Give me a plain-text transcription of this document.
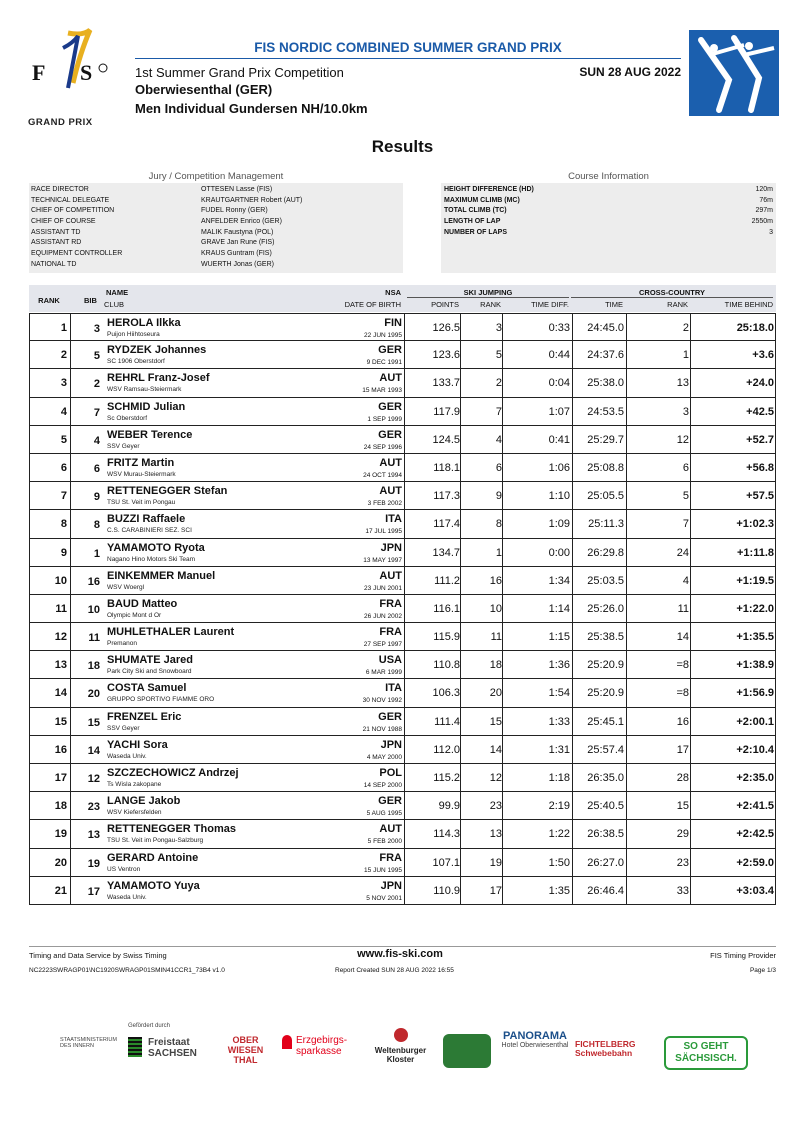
F S
GRAND PRIX
FIS NORDIC COMBINED SUMMER GRAND PRIX
1st Summer Grand Prix Competition
Oberwiesenthal (GER)
Men Individual Gundersen NH/10.0km
SUN 28 AUG 2022
Results
Jury / Competition Management
RACE DIRECTOR	OTTESEN Lasse (FIS)
TECHNICAL DELEGATE	KRAUTGARTNER Robert (AUT)
CHIEF OF COMPETITION	FUDEL Ronny (GER)
CHIEF OF COURSE	ANFELDER Enrico (GER)
ASSISTANT TD	MALIK Faustyna (POL)
ASSISTANT RD	GRAVE Jan Rune (FIS)
EQUIPMENT CONTROLLER	KRAUS Guntram (FIS)
NATIONAL TD	WUERTH Jonas (GER)
Course Information
HEIGHT DIFFERENCE (HD)	120m
MAXIMUM CLIMB (MC)	76m
TOTAL CLIMB (TC)	297m
LENGTH OF LAP	2550m
NUMBER OF LAPS	3
RANK	BIB
NAME
CLUB
NSA
DATE OF BIRTH
SKI JUMPING
POINTS	RANK	TIME DIFF.
CROSS-COUNTRY
TIME	RANK	TIME BEHIND
1	3 HEROLA Ilkka
Puijon Hiihtoseura
FIN
22 JUN 1995
126.5	3	0:33	24:45.0	2	25:18.0
2	5 RYDZEK Johannes
SC 1906 Oberstdorf
GER
9 DEC 1991
123.6	5	0:44	24:37.6	1	+3.6
3	2 REHRL Franz-Josef
WSV Ramsau-Steiermark
AUT
15 MAR 1993
133.7	2	0:04	25:38.0	13	+24.0
4	7 SCHMID Julian
Sc Oberstdorf
GER
1 SEP 1999
117.9	7	1:07	24:53.5	3	+42.5
5	4 WEBER Terence
SSV Geyer
GER
24 SEP 1996
124.5	4	0:41	25:29.7	12	+52.7
6	6 FRITZ Martin
WSV Murau-Steiermark
AUT
24 OCT 1994
118.1	6	1:06	25:08.8	6	+56.8
7	9 RETTENEGGER Stefan
TSU St. Veit im Pongau
AUT
3 FEB 2002
117.3	9	1:10	25:05.5	5	+57.5
8	8 BUZZI Raffaele
C.S. CARABINIERI SEZ. SCI
ITA
17 JUL 1995
117.4	8	1:09	25:11.3	7	+1:02.3
9	1 YAMAMOTO Ryota
Nagano Hino Motors Ski Team
JPN
13 MAY 1997
134.7	1	0:00	26:29.8	24	+1:11.8
10	16 EINKEMMER Manuel
WSV Woergl
AUT
23 JUN 2001
111.2	16	1:34	25:03.5	4	+1:19.5
11	10 BAUD Matteo
Olympic Mont d Or
FRA
26 JUN 2002
116.1	10	1:14	25:26.0	11	+1:22.0
12	11 MUHLETHALER Laurent
Premanon
FRA
27 SEP 1997
115.9	11	1:15	25:38.5	14	+1:35.5
13	18 SHUMATE Jared
Park City Ski and Snowboard
USA
6 MAR 1999
110.8	18	1:36	25:20.9	=8	+1:38.9
14	20 COSTA Samuel
GRUPPO SPORTIVO FIAMME ORO
ITA
30 NOV 1992
106.3	20	1:54	25:20.9	=8	+1:56.9
15	15 FRENZEL Eric
SSV Geyer
GER
21 NOV 1988
111.4	15	1:33	25:45.1	16	+2:00.1
16	14 YACHI Sora
Waseda Univ.
JPN
4 MAY 2000
112.0	14	1:31	25:57.4	17	+2:10.4
17	12 SZCZECHOWICZ Andrzej
Ts Wisla zakopane
POL
14 SEP 2000
115.2	12	1:18	26:35.0	28	+2:35.0
18	23 LANGE Jakob
WSV Kiefersfelden
GER
5 AUG 1995
99.9	23	2:19	25:40.5	15	+2:41.5
19	13 RETTENEGGER Thomas
TSU St. Veit im Pongau-Salzburg
AUT
5 FEB 2000
114.3	13	1:22	26:38.5	29	+2:42.5
20	19 GERARD Antoine
US Ventron
FRA
15 JUN 1995
107.1	19	1:50	26:27.0	23	+2:59.0
21	17 YAMAMOTO Yuya
Waseda Univ.
JPN
5 NOV 2001
110.9	17	1:35	26:46.4	33	+3:03.4
Timing and Data Service by Swiss Timing	www.fis-ski.com	FIS Timing Provider
NC2223SWRAGP01\NC1920SWRAGP01SMIN41CCR1_73B4 v1.0	Report Created SUN 28 AUG 2022 16:55	Page 1/3
Gefördert durch
STAATSMINISTERIUM DES INNERN	Freistaat SACHSEN
OBER WIESEN THAL
Erzgebirgs-sparkasse	Weltenburger Kloster
PANORAMA
Hotel Oberwiesenthal FICHTELBERG Schwebebahn
SO GEHT SÄCHSISCH.
